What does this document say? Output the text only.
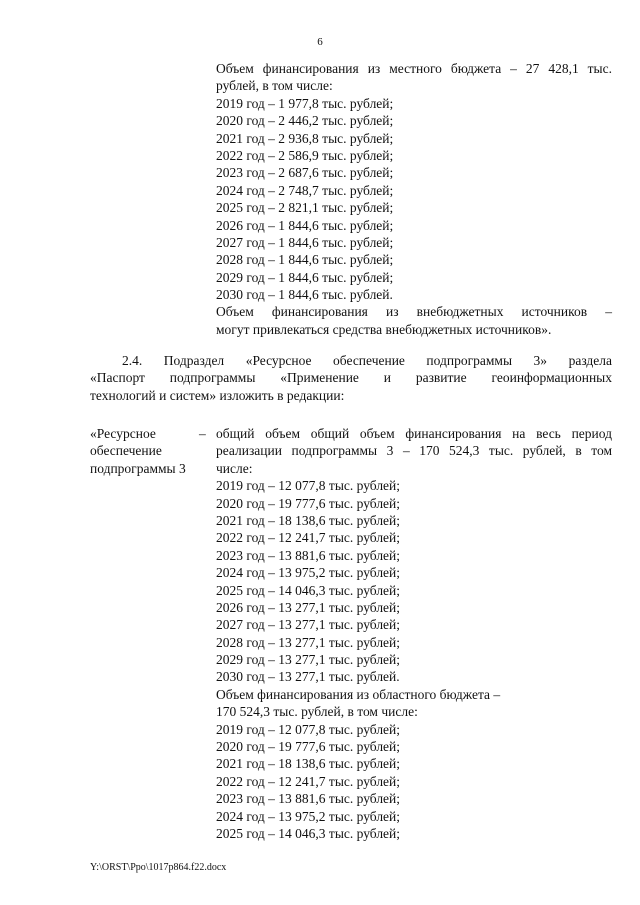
6
Объем финансирования из местного бюджета – 27 428,1 тыс.
рублей, в том числе:
2019 год – 1 977,8 тыс. рублей;
2020 год – 2 446,2 тыс. рублей;
2021 год – 2 936,8 тыс. рублей;
2022 год – 2 586,9 тыс. рублей;
2023 год – 2 687,6 тыс. рублей;
2024 год – 2 748,7 тыс. рублей;
2025 год – 2 821,1 тыс. рублей;
2026 год – 1 844,6 тыс. рублей;
2027 год – 1 844,6 тыс. рублей;
2028 год – 1 844,6 тыс. рублей;
2029 год – 1 844,6 тыс. рублей;
2030 год – 1 844,6 тыс. рублей.
Объем финансирования из внебюджетных источников –
могут привлекаться средства внебюджетных источников».
2.4. Подраздел «Ресурсное обеспечение подпрограммы 3» раздела
«Паспорт подпрограммы «Применение и развитие геоинформационных
технологий и систем» изложить в редакции:
«Ресурсное
обеспечение
подпрограммы 3
– общий объем общий объем финансирования на весь период
реализации подпрограммы 3 – 170 524,3 тыс. рублей, в том
числе:
2019 год – 12 077,8 тыс. рублей;
2020 год – 19 777,6 тыс. рублей;
2021 год – 18 138,6 тыс. рублей;
2022 год – 12 241,7 тыс. рублей;
2023 год – 13 881,6 тыс. рублей;
2024 год – 13 975,2 тыс. рублей;
2025 год – 14 046,3 тыс. рублей;
2026 год – 13 277,1 тыс. рублей;
2027 год – 13 277,1 тыс. рублей;
2028 год – 13 277,1 тыс. рублей;
2029 год – 13 277,1 тыс. рублей;
2030 год – 13 277,1 тыс. рублей.
Объем финансирования из областного бюджета –
170 524,3 тыс. рублей, в том числе:
2019 год – 12 077,8 тыс. рублей;
2020 год – 19 777,6 тыс. рублей;
2021 год – 18 138,6 тыс. рублей;
2022 год – 12 241,7 тыс. рублей;
2023 год – 13 881,6 тыс. рублей;
2024 год – 13 975,2 тыс. рублей;
2025 год – 14 046,3 тыс. рублей;
Y:\ORST\Ppo\1017p864.f22.docx
